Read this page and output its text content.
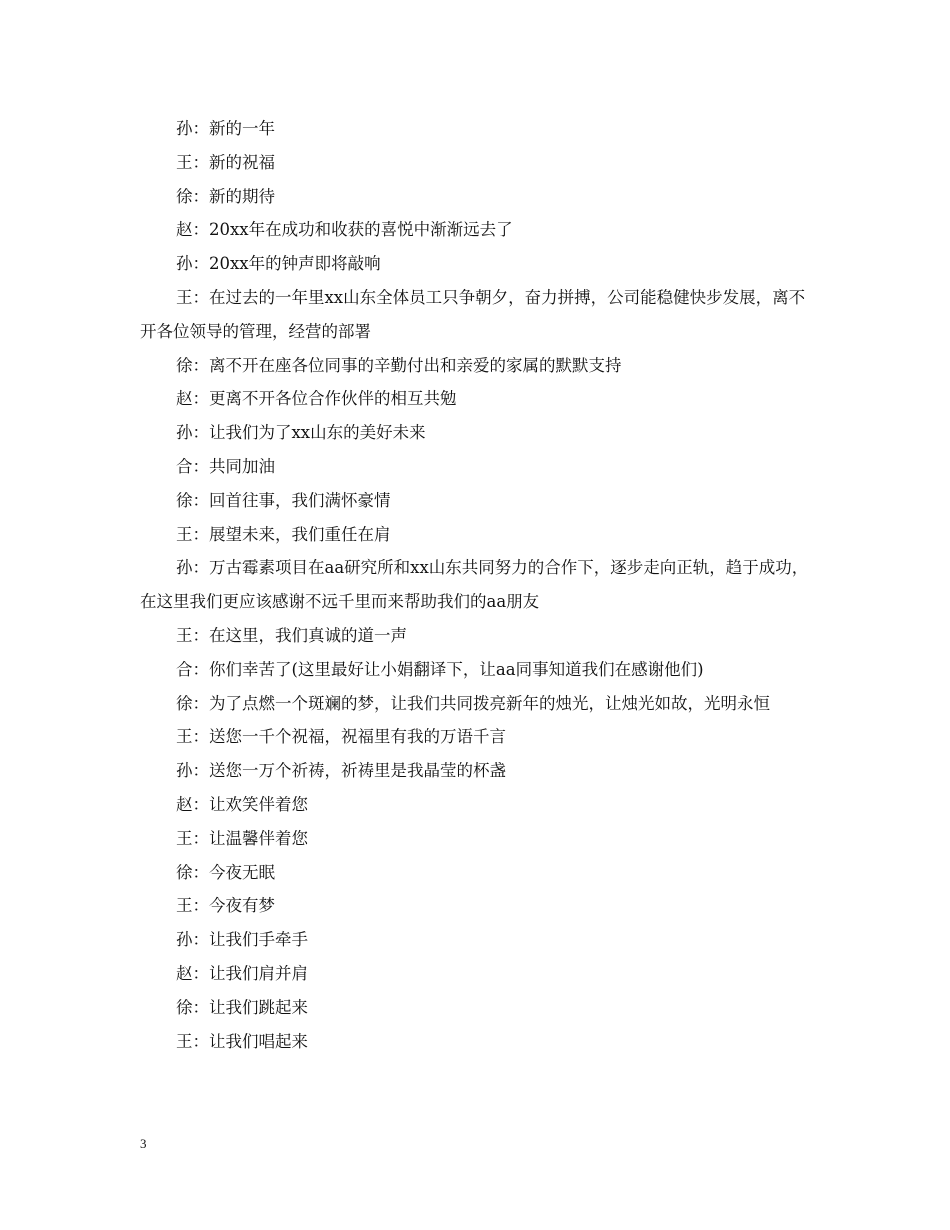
孙：新的一年

王：新的祝福

徐：新的期待

赵：20xx年在成功和收获的喜悦中渐渐远去了

孙：20xx年的钟声即将敲响

王：在过去的一年里xx山东全体员工只争朝夕，奋力拼搏，公司能稳健快步发展，离不开各位领导的管理，经营的部署

徐：离不开在座各位同事的辛勤付出和亲爱的家属的默默支持

赵：更离不开各位合作伙伴的相互共勉

孙：让我们为了xx山东的美好未来

合：共同加油

徐：回首往事，我们满怀豪情

王：展望未来，我们重任在肩

孙：万古霉素项目在aa研究所和xx山东共同努力的合作下，逐步走向正轨，趋于成功，在这里我们更应该感谢不远千里而来帮助我们的aa朋友

王：在这里，我们真诚的道一声

合：你们幸苦了(这里最好让小娟翻译下，让aa同事知道我们在感谢他们)

徐：为了点燃一个斑斓的梦，让我们共同拨亮新年的烛光，让烛光如故，光明永恒

王：送您一千个祝福，祝福里有我的万语千言

孙：送您一万个祈祷，祈祷里是我晶莹的杯盏

赵：让欢笑伴着您

王：让温馨伴着您

徐：今夜无眠

王：今夜有梦

孙：让我们手牵手

赵：让我们肩并肩

徐：让我们跳起来

王：让我们唱起来

3
